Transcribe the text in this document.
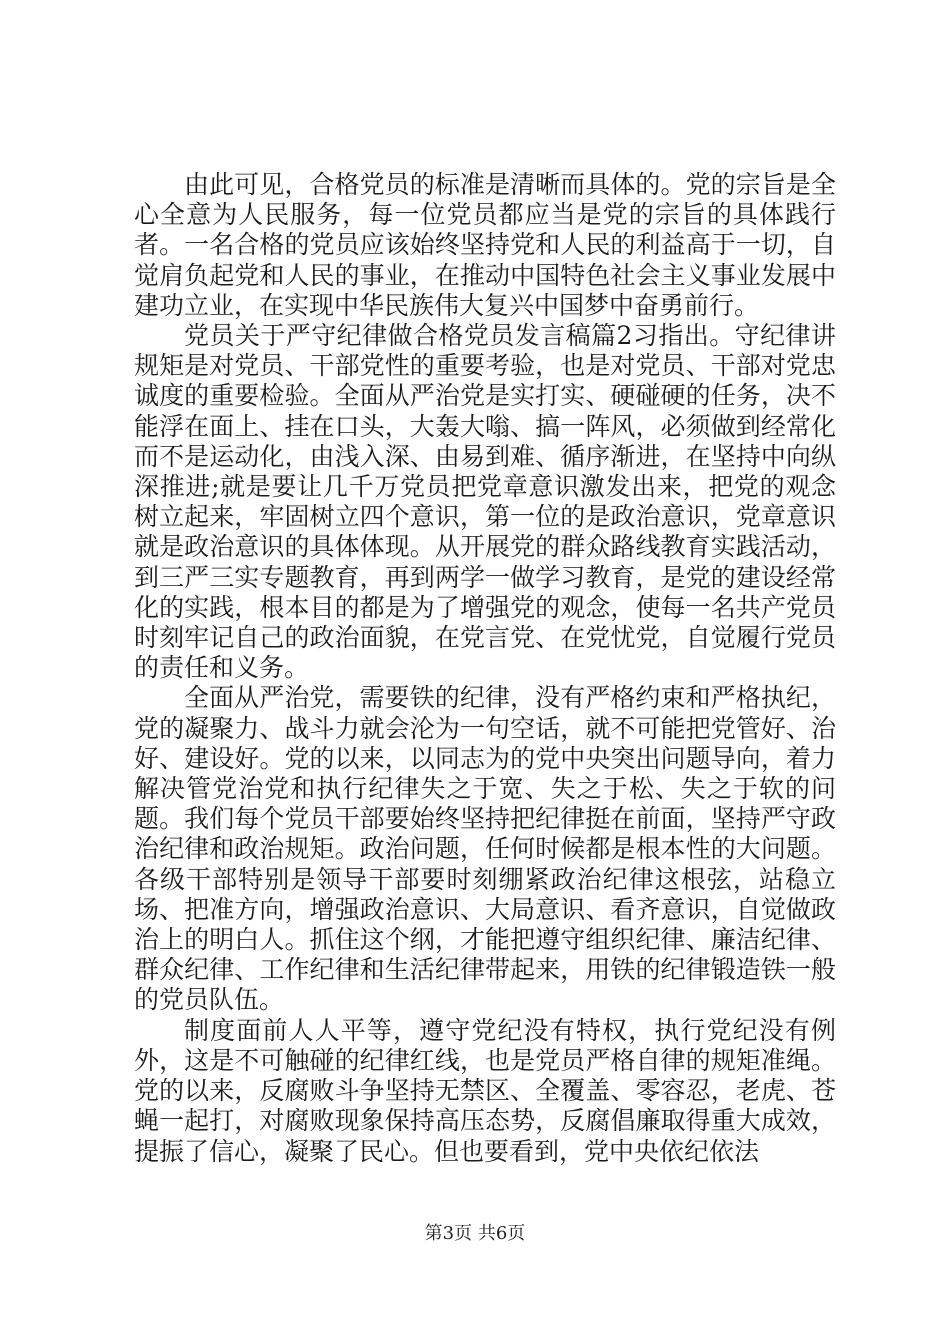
由此可见，合格党员的标准是清晰而具体的。党的宗旨是全心全意为人民服务，每一位党员都应当是党的宗旨的具体践行者。一名合格的党员应该始终坚持党和人民的利益高于一切，自觉肩负起党和人民的事业，在推动中国特色社会主义事业发展中建功立业，在实现中华民族伟大复兴中国梦中奋勇前行。

党员关于严守纪律做合格党员发言稿篇2习指出。守纪律讲规矩是对党员、干部党性的重要考验，也是对党员、干部对党忠诚度的重要检验。全面从严治党是实打实、硬碰硬的任务，决不能浮在面上、挂在口头，大轰大嗡、搞一阵风，必须做到经常化而不是运动化，由浅入深、由易到难、循序渐进，在坚持中向纵深推进;就是要让几千万党员把党章意识激发出来，把党的观念树立起来，牢固树立四个意识，第一位的是政治意识，党章意识就是政治意识的具体体现。从开展党的群众路线教育实践活动，到三严三实专题教育，再到两学一做学习教育，是党的建设经常化的实践，根本目的都是为了增强党的观念，使每一名共产党员时刻牢记自己的政治面貌，在党言党、在党忧党，自觉履行党员的责任和义务。

全面从严治党，需要铁的纪律，没有严格约束和严格执纪，党的凝聚力、战斗力就会沦为一句空话，就不可能把党管好、治好、建设好。党的以来，以同志为的党中央突出问题导向，着力解决管党治党和执行纪律失之于宽、失之于松、失之于软的问题。我们每个党员干部要始终坚持把纪律挺在前面，坚持严守政治纪律和政治规矩。政治问题，任何时候都是根本性的大问题。各级干部特别是领导干部要时刻绷紧政治纪律这根弦，站稳立场、把准方向，增强政治意识、大局意识、看齐意识，自觉做政治上的明白人。抓住这个纲，才能把遵守组织纪律、廉洁纪律、群众纪律、工作纪律和生活纪律带起来，用铁的纪律锻造铁一般的党员队伍。

制度面前人人平等，遵守党纪没有特权，执行党纪没有例外，这是不可触碰的纪律红线，也是党员严格自律的规矩准绳。党的以来，反腐败斗争坚持无禁区、全覆盖、零容忍，老虎、苍蝇一起打，对腐败现象保持高压态势，反腐倡廉取得重大成效，提振了信心，凝聚了民心。但也要看到，党中央依纪依法

第3页 共6页
